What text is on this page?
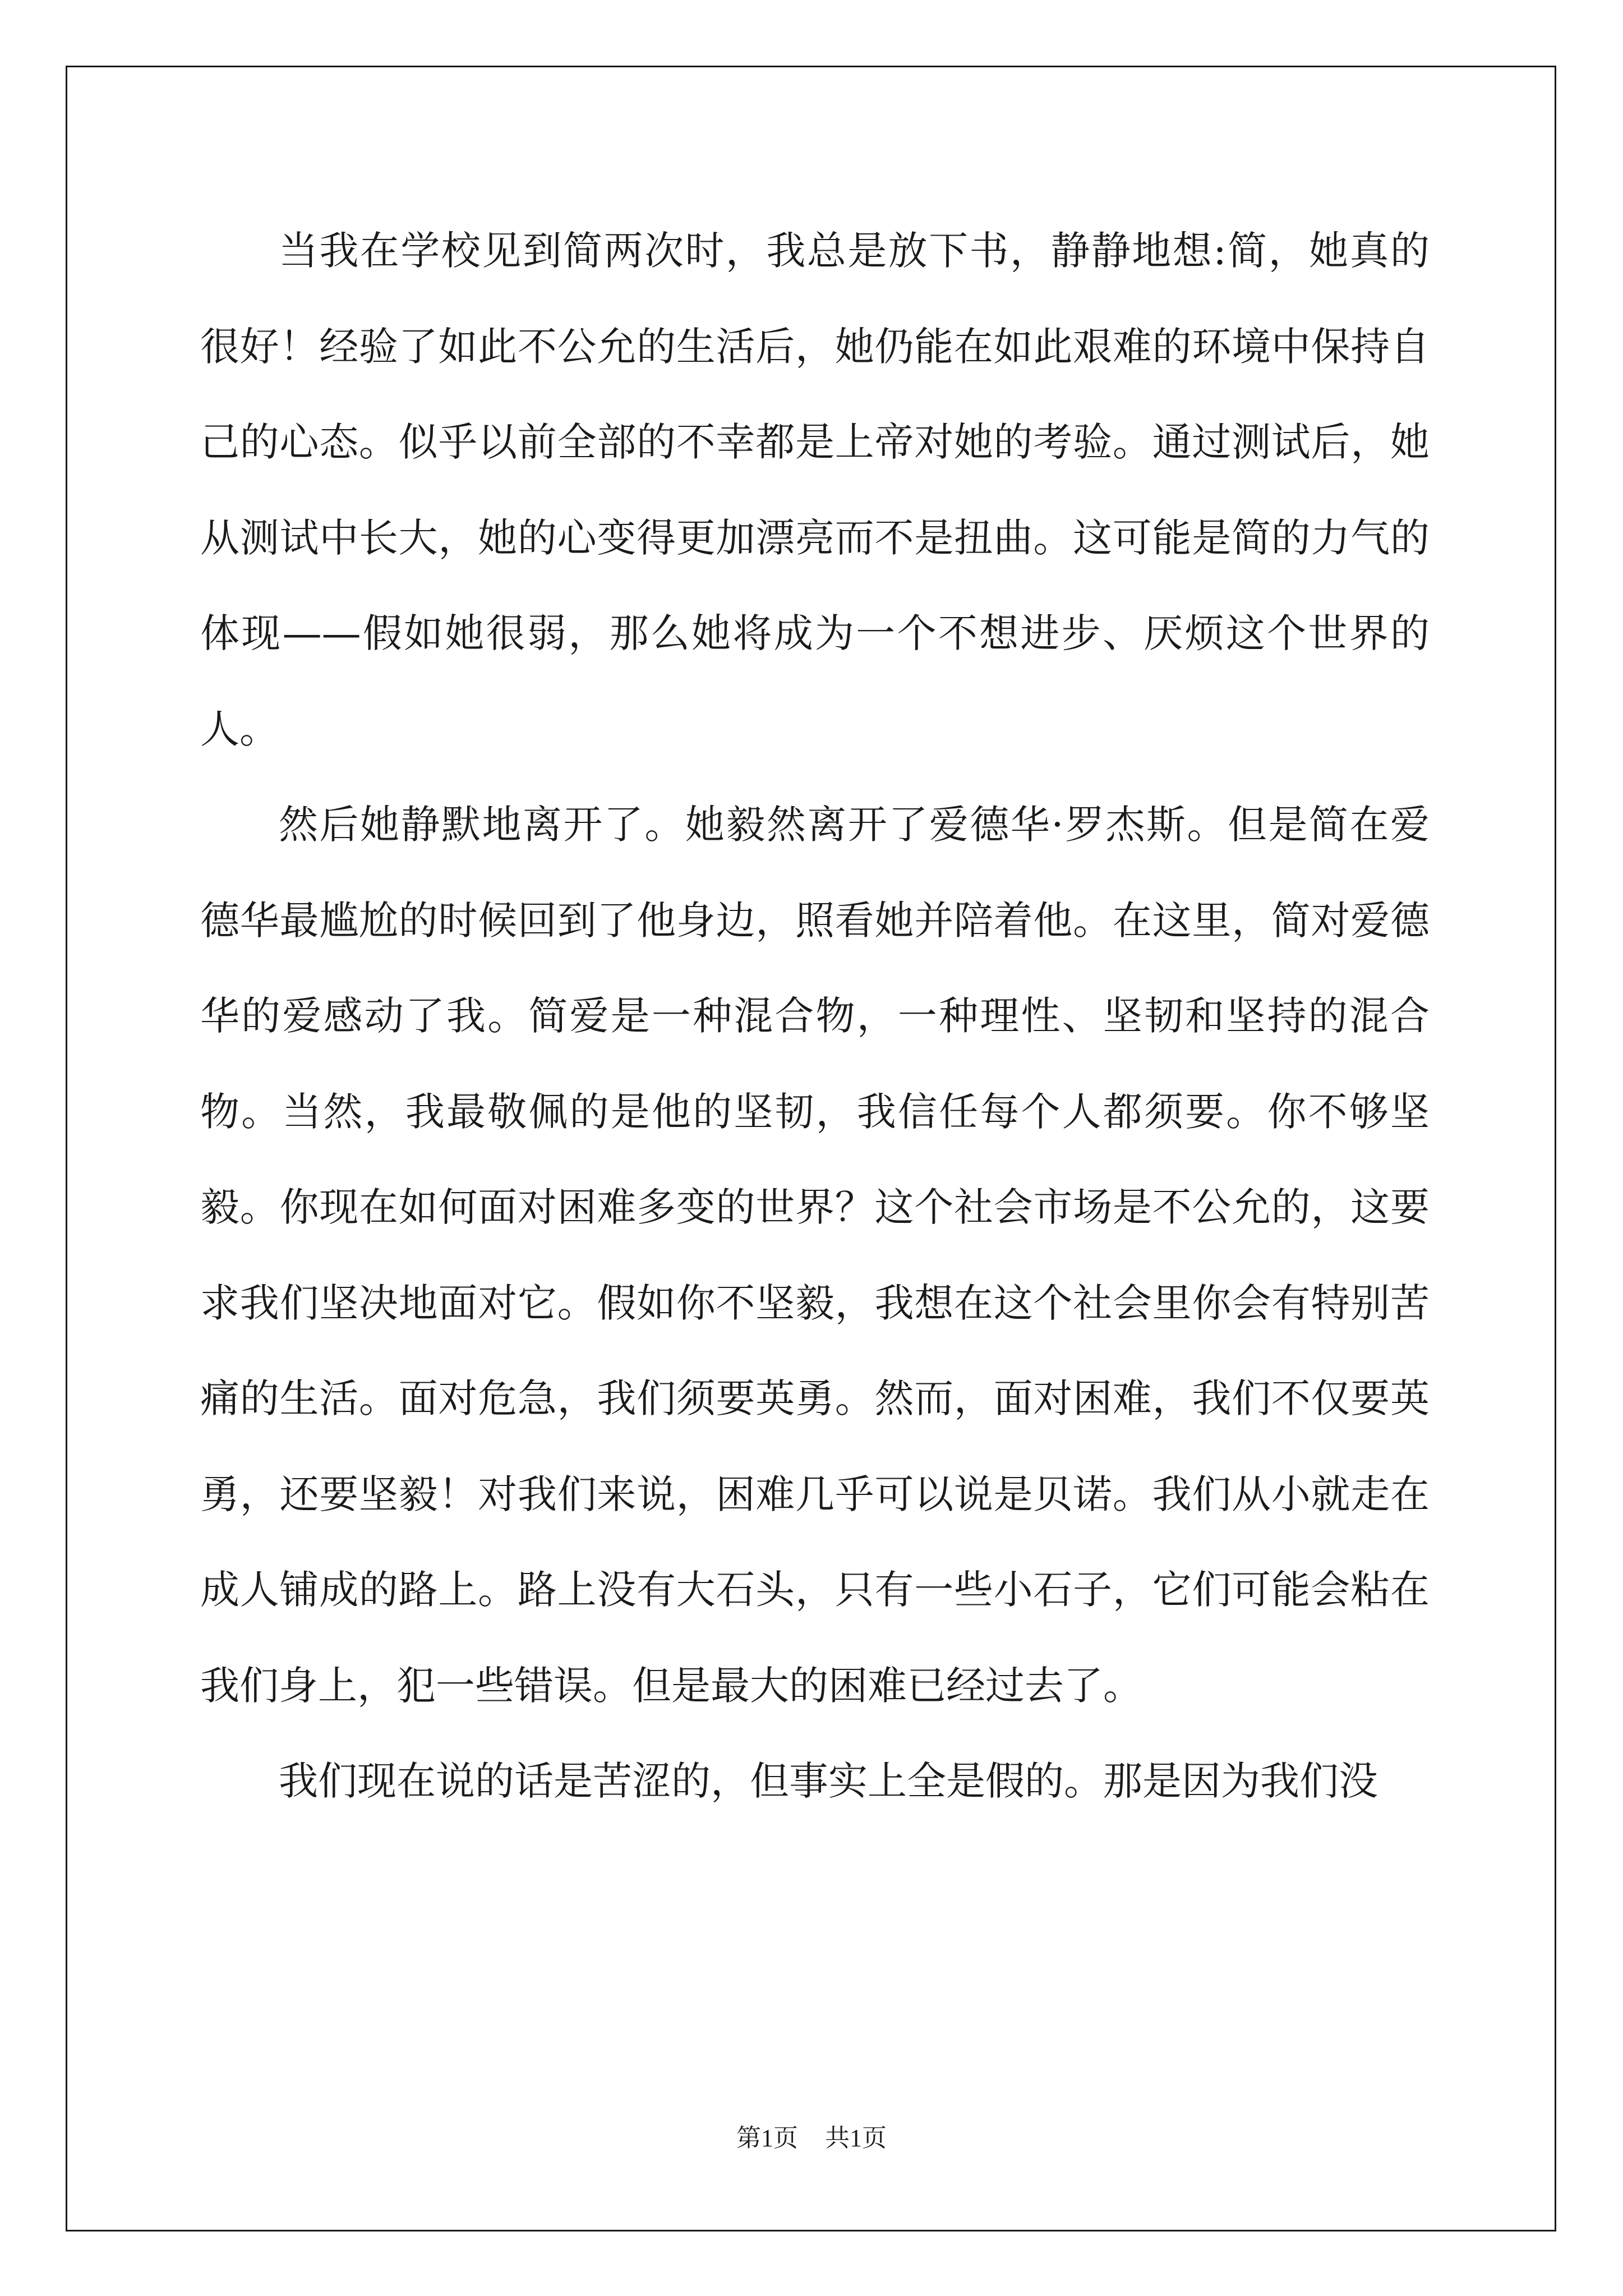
当我在学校见到简两次时，我总是放下书，静静地想:简，她真的很好！经验了如此不公允的生活后，她仍能在如此艰难的环境中保持自己的心态。似乎以前全部的不幸都是上帝对她的考验。通过测试后，她从测试中长大，她的心变得更加漂亮而不是扭曲。这可能是简的力气的体现——假如她很弱，那么她将成为一个不想进步、厌烦这个世界的人。

然后她静默地离开了。她毅然离开了爱德华·罗杰斯。但是简在爱德华最尴尬的时候回到了他身边，照看她并陪着他。在这里，简对爱德华的爱感动了我。简爱是一种混合物，一种理性、坚韧和坚持的混合物。当然，我最敬佩的是他的坚韧，我信任每个人都须要。你不够坚毅。你现在如何面对困难多变的世界？这个社会市场是不公允的，这要求我们坚决地面对它。假如你不坚毅，我想在这个社会里你会有特别苦痛的生活。面对危急，我们须要英勇。然而，面对困难，我们不仅要英勇，还要坚毅！对我们来说，困难几乎可以说是贝诺。我们从小就走在成人铺成的路上。路上没有大石头，只有一些小石子，它们可能会粘在我们身上，犯一些错误。但是最大的困难已经过去了。

我们现在说的话是苦涩的，但事实上全是假的。那是因为我们没

第1页 共1页
